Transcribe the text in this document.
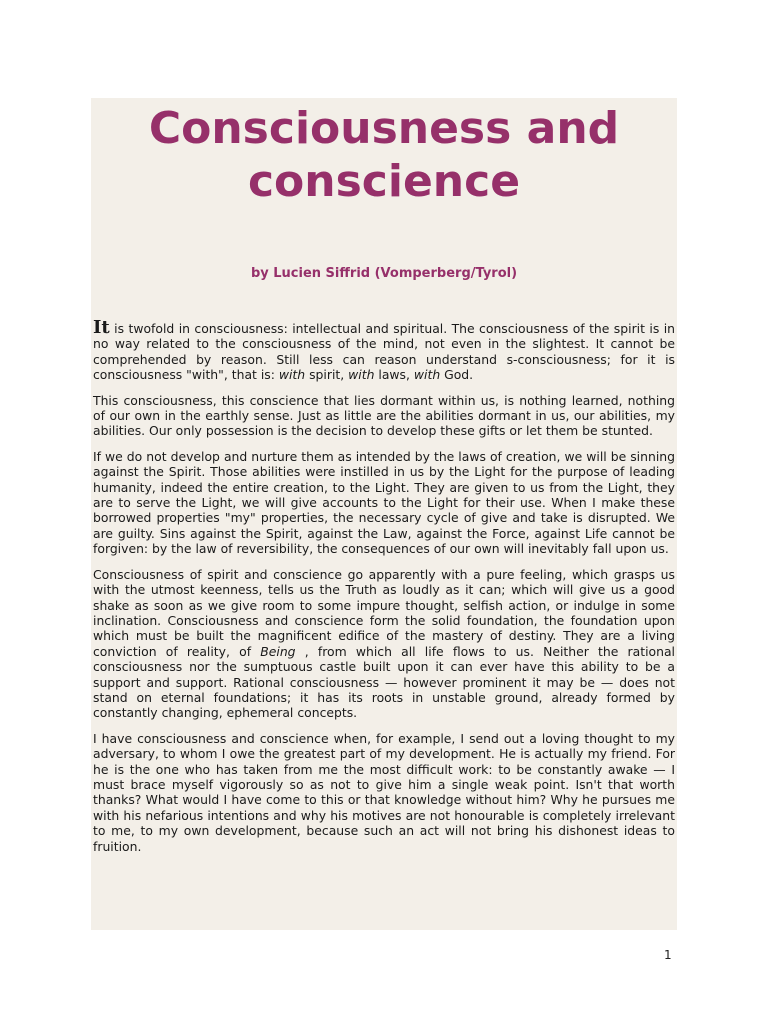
Consciousness and conscience
by Lucien Siffrid (Vomperberg/Tyrol)

It is twofold in consciousness: intellectual and spiritual. The consciousness of the spirit is in no way related to the consciousness of the mind, not even in the slightest. It cannot be comprehended by reason. Still less can reason understand s-consciousness; for it is consciousness "with", that is: with spirit, with laws, with God.

This consciousness, this conscience that lies dormant within us, is nothing learned, nothing of our own in the earthly sense. Just as little are the abilities dormant in us, our abilities, my abilities. Our only possession is the decision to develop these gifts or let them be stunted.

If we do not develop and nurture them as intended by the laws of creation, we will be sinning against the Spirit. Those abilities were instilled in us by the Light for the purpose of leading humanity, indeed the entire creation, to the Light. They are given to us from the Light, they are to serve the Light, we will give accounts to the Light for their use. When I make these borrowed properties "my" properties, the necessary cycle of give and take is disrupted. We are guilty. Sins against the Spirit, against the Law, against the Force, against Life cannot be forgiven: by the law of reversibility, the consequences of our own will inevitably fall upon us.

Consciousness of spirit and conscience go apparently with a pure feeling, which grasps us with the utmost keenness, tells us the Truth as loudly as it can; which will give us a good shake as soon as we give room to some impure thought, selfish action, or indulge in some inclination. Consciousness and conscience form the solid foundation, the foundation upon which must be built the magnificent edifice of the mastery of destiny. They are a living conviction of reality, of Being , from which all life flows to us. Neither the rational consciousness nor the sumptuous castle built upon it can ever have this ability to be a support and support. Rational consciousness — however prominent it may be — does not stand on eternal foundations; it has its roots in unstable ground, already formed by constantly changing, ephemeral concepts.

I have consciousness and conscience when, for example, I send out a loving thought to my adversary, to whom I owe the greatest part of my development. He is actually my friend. For he is the one who has taken from me the most difficult work: to be constantly awake — I must brace myself vigorously so as not to give him a single weak point. Isn't that worth thanks? What would I have come to this or that knowledge without him? Why he pursues me with his nefarious intentions and why his motives are not honourable is completely irrelevant to me, to my own development, because such an act will not bring his dishonest ideas to fruition.

1
